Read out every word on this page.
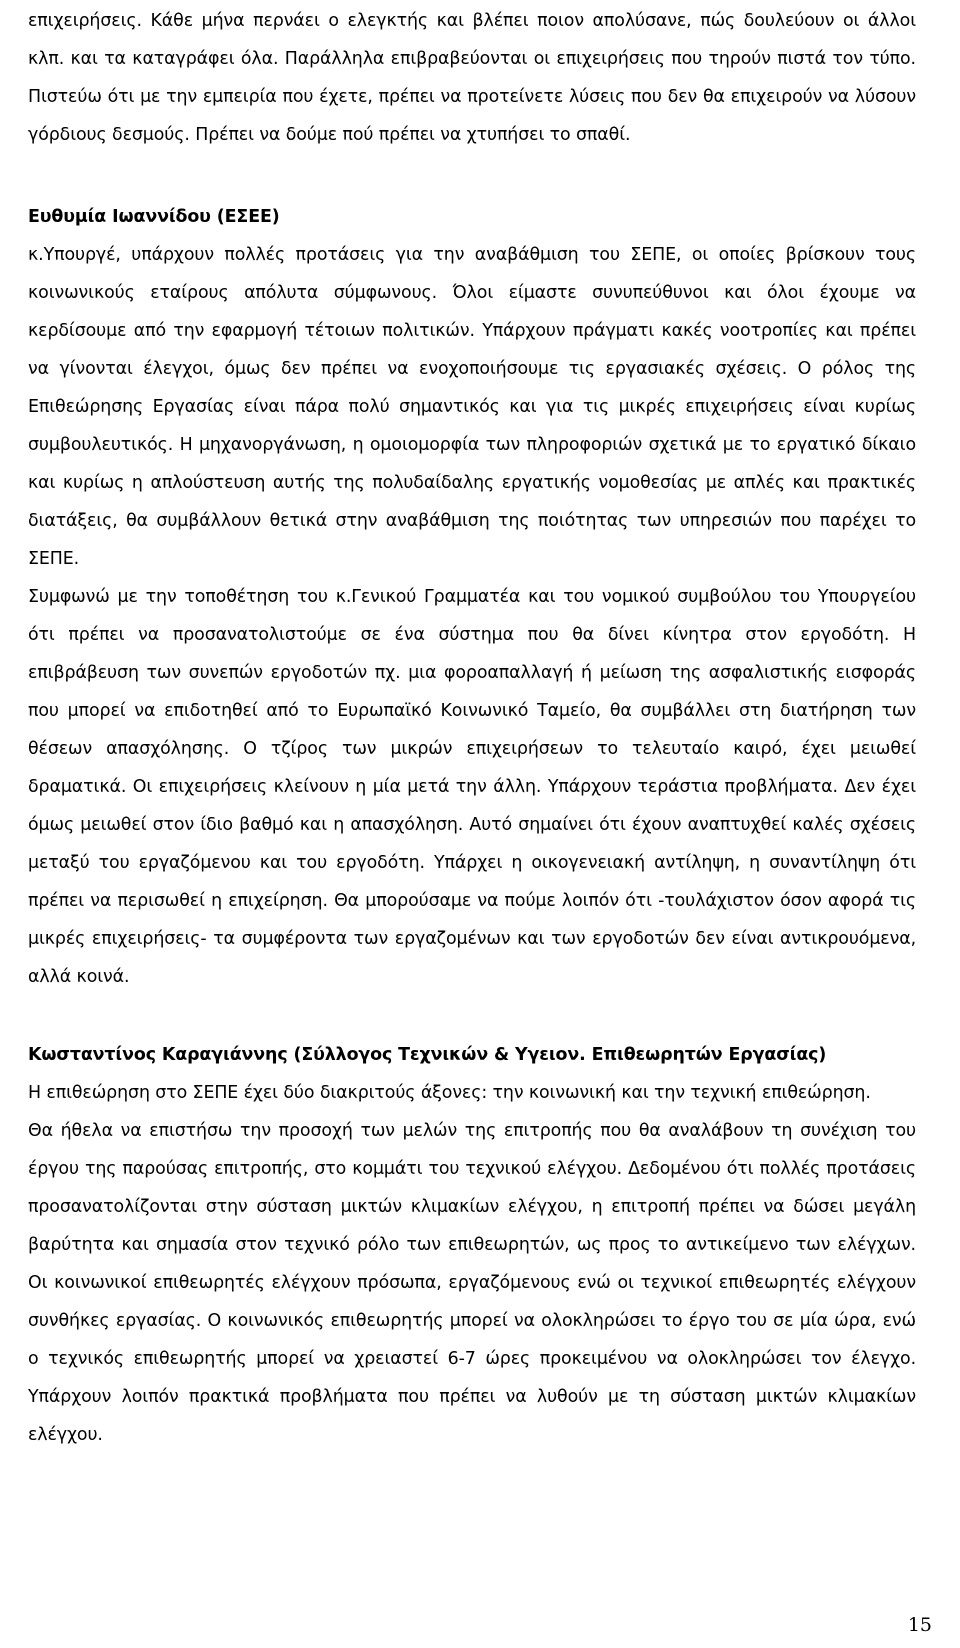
επιχειρήσεις. Κάθε μήνα περνάει ο ελεγκτής και βλέπει ποιον απολύσανε, πώς δουλεύουν οι άλλοι κλπ. και τα καταγράφει όλα. Παράλληλα επιβραβεύονται οι επιχειρήσεις που τηρούν πιστά τον τύπο. Πιστεύω ότι με την εμπειρία που έχετε, πρέπει να προτείνετε λύσεις που δεν θα επιχειρούν να λύσουν γόρδιους δεσμούς. Πρέπει να δούμε πού πρέπει να χτυπήσει το σπαθί.

Ευθυμία Ιωαννίδου (ΕΣΕΕ)

κ.Υπουργέ, υπάρχουν πολλές προτάσεις για την αναβάθμιση του ΣΕΠΕ, οι οποίες βρίσκουν τους κοινωνικούς εταίρους απόλυτα σύμφωνους. Όλοι είμαστε συνυπεύθυνοι και όλοι έχουμε να κερδίσουμε από την εφαρμογή τέτοιων πολιτικών. Υπάρχουν πράγματι κακές νοοτροπίες και πρέπει να γίνονται έλεγχοι, όμως δεν πρέπει να ενοχοποιήσουμε τις εργασιακές σχέσεις. Ο ρόλος της Επιθεώρησης Εργασίας είναι πάρα πολύ σημαντικός και για τις μικρές επιχειρήσεις είναι κυρίως συμβουλευτικός. Η μηχανοργάνωση, η ομοιομορφία των πληροφοριών σχετικά με το εργατικό δίκαιο και κυρίως η απλούστευση αυτής της πολυδαίδαλης εργατικής νομοθεσίας με απλές και πρακτικές διατάξεις, θα συμβάλλουν θετικά στην αναβάθμιση της ποιότητας των υπηρεσιών που παρέχει το ΣΕΠΕ.

Συμφωνώ με την τοποθέτηση του κ.Γενικού Γραμματέα και του νομικού συμβούλου του Υπουργείου ότι πρέπει να προσανατολιστούμε σε ένα σύστημα που θα δίνει κίνητρα στον εργοδότη. Η επιβράβευση των συνεπών εργοδοτών πχ. μια φοροαπαλλαγή ή μείωση της ασφαλιστικής εισφοράς που μπορεί να επιδοτηθεί από το Ευρωπαϊκό Κοινωνικό Ταμείο, θα συμβάλλει στη διατήρηση των θέσεων απασχόλησης. Ο τζίρος των μικρών επιχειρήσεων το τελευταίο καιρό, έχει μειωθεί δραματικά. Οι επιχειρήσεις κλείνουν η μία μετά την άλλη. Υπάρχουν τεράστια προβλήματα. Δεν έχει όμως μειωθεί στον ίδιο βαθμό και η απασχόληση. Αυτό σημαίνει ότι έχουν αναπτυχθεί καλές σχέσεις μεταξύ του εργαζόμενου και του εργοδότη. Υπάρχει η οικογενειακή αντίληψη, η συναντίληψη ότι πρέπει να περισωθεί η επιχείρηση. Θα μπορούσαμε να πούμε λοιπόν ότι -τουλάχιστον όσον αφορά τις μικρές επιχειρήσεις- τα συμφέροντα των εργαζομένων και των εργοδοτών δεν είναι αντικρουόμενα, αλλά κοινά.

Κωσταντίνος Καραγιάννης (Σύλλογος Τεχνικών & Υγειον. Επιθεωρητών Εργασίας)

Η επιθεώρηση στο ΣΕΠΕ έχει δύο διακριτούς άξονες: την κοινωνική και την τεχνική επιθεώρηση.

Θα ήθελα να επιστήσω την προσοχή των μελών της επιτροπής που θα αναλάβουν τη συνέχιση του έργου της παρούσας επιτροπής, στο κομμάτι του τεχνικού ελέγχου. Δεδομένου ότι πολλές προτάσεις προσανατολίζονται στην σύσταση μικτών κλιμακίων ελέγχου, η επιτροπή πρέπει να δώσει μεγάλη βαρύτητα και σημασία στον τεχνικό ρόλο των επιθεωρητών, ως προς το αντικείμενο των ελέγχων. Οι κοινωνικοί επιθεωρητές ελέγχουν πρόσωπα, εργαζόμενους ενώ οι τεχνικοί επιθεωρητές ελέγχουν συνθήκες εργασίας. Ο κοινωνικός επιθεωρητής μπορεί να ολοκληρώσει το έργο του σε μία ώρα, ενώ ο τεχνικός επιθεωρητής μπορεί να χρειαστεί 6-7 ώρες προκειμένου να ολοκληρώσει τον έλεγχο. Υπάρχουν λοιπόν πρακτικά προβλήματα που πρέπει να λυθούν με τη σύσταση μικτών κλιμακίων ελέγχου.

15
